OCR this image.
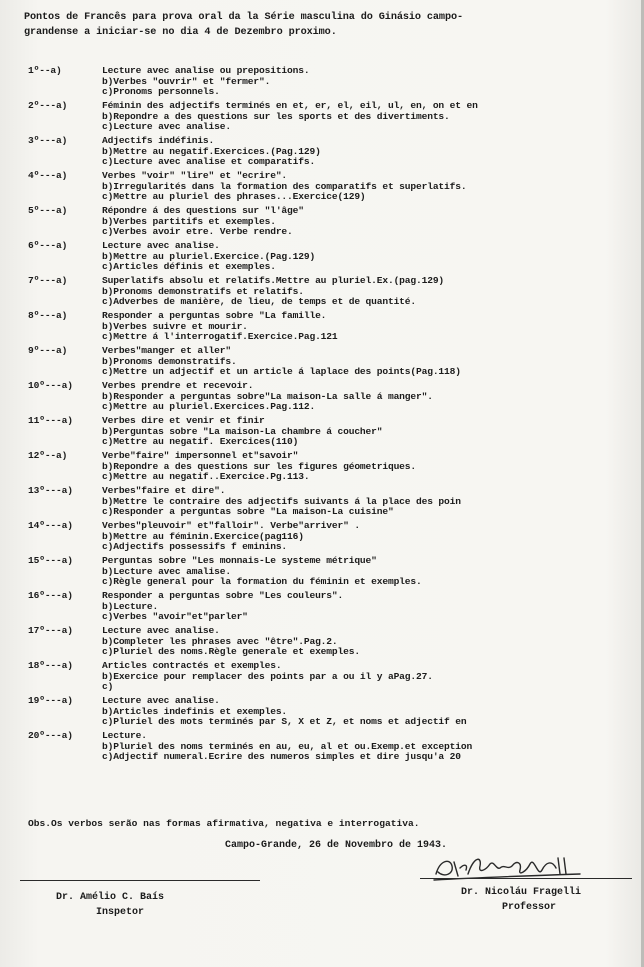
Pontos de Francês para prova oral da la Série masculina do Ginásio campo-
grandense a iniciar-se no dia 4 de Dezembro proximo.
1º--a)	Lecture avec analise ou prepositions.
b)Verbes "ouvrir" et "fermer".
c)Pronoms personnels.
2º---a)	Féminin des adjectifs terminés en et, er, el, eil, ul, en, on et en
b)Repondre a des questions sur les sports et des divertiments.
c)Lecture avec analise.
3º---a)	Adjectifs indéfinis.
b)Mettre au negatif.Exercices.(Pag.129)
c)Lecture avec analise et comparatifs.
4º---a)	Verbes "voir" "lire" et "ecrire".
b)Irregularités dans la formation des comparatifs et superlatifs.
c)Mettre au pluriel des phrases...Exercice(129)
5º---a)	Répondre á des questions sur "l'âge"
b)Verbes partitifs et exemples.
c)Verbes avoir etre. Verbe rendre.
6º---a)	Lecture avec analise.
b)Mettre au pluriel.Exercice.(Pag.129)
c)Articles définis et exemples.
7º---a)	Superlatifs absolu et relatifs.Mettre au pluriel.Ex.(pag.129)
b)Pronoms demonstratifs et relatifs.
c)Adverbes de manière, de lieu, de temps et de quantité.
8º---a)	Responder a perguntas sobre "La famille.
b)Verbes suivre et mourir.
c)Mettre á l'interrogatif.Exercice.Pag.121
9º---a)	Verbes"manger et aller"
b)Pronoms demonstratifs.
c)Mettre un adjectif et un article á laplace des points(Pag.118)
10º---a)	Verbes prendre et recevoir.
b)Responder a perguntas sobre"La maison-La salle á manger".
c)Mettre au pluriel.Exercices.Pag.112.
11º---a)	Verbes dire et venir et finir
b)Perguntas sobre "La maison-La chambre á coucher"
c)Mettre au negatif. Exercices(110)
12º--a)	Verbe"faire" impersonnel et"savoir"
b)Repondre a des questions sur les figures géometriques.
c)Mettre au negatif..Exercice.Pg.113.
13º---a)	Verbes"faire et dire".
b)Mettre le contraire des adjectifs suivants á la place des poin
c)Responder a perguntas sobre "La maison-La cuisine"
14º---a)	Verbes"pleuvoir" et"falloir". Verbe"arriver" .
b)Mettre au féminin.Exercice(pag116)
c)Adjectifs possessifs f eminins.
15º---a)	Perguntas sobre "Les monnais-Le systeme métrique"
b)Lecture avec amalise.
c)Règle general pour la formation du féminin et exemples.
16º---a)	Responder a perguntas sobre "Les couleurs".
b)Lecture.
c)Verbes "avoir"et"parler"
17º---a)	Lecture avec analise.
b)Completer les phrases avec "être".Pag.2.
c)Pluriel des noms.Règle generale et exemples.
18º---a)	Articles contractés et exemples.
b)Exercice pour remplacer des points par a ou il y aPag.27.
c)
19º---a)	Lecture avec analise.
b)Articles indefinis et exemples.
c)Pluriel des mots terminés par S, X et Z, et noms et adjectif en
20º---a)	Lecture.
b)Pluriel des noms terminés en au, eu, al et ou.Exemp.et exception
c)Adjectif numeral.Ecrire des numeros simples et dire jusqu'a 20
Obs.Os verbos serão nas formas afirmativa, negativa e interrogativa.
Campo-Grande, 26 de Novembro de 1943.
Dr. Amélio C. Baís
Inspetor
Dr. Nicoláu Fragelli
Professor
